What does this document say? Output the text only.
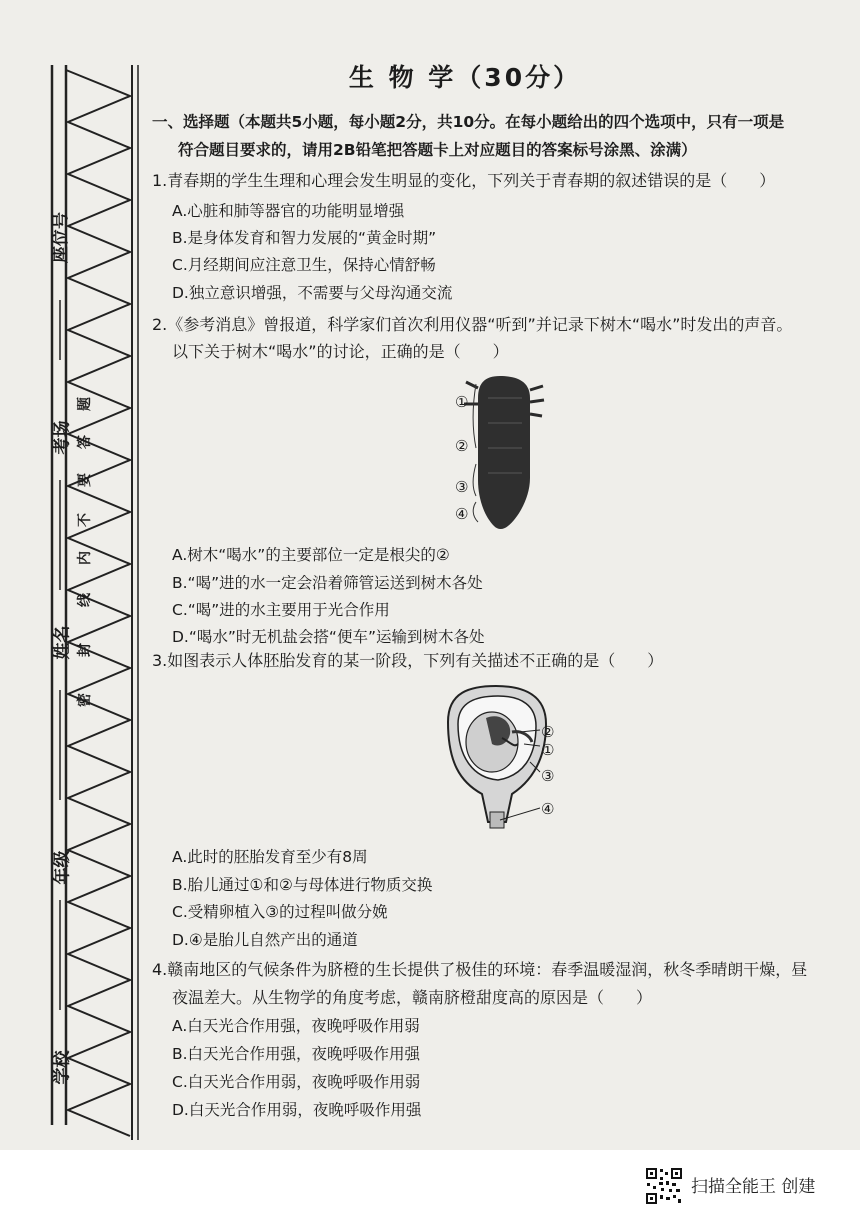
座位号
考场
姓名
年级
学校
密
封
线
内
不
要
答
题
生 物 学（30分）
一、选择题（本题共5小题，每小题2分，共10分。在每小题给出的四个选项中，只有一项是
符合题目要求的，请用2B铅笔把答题卡上对应题目的答案标号涂黑、涂满）
1.青春期的学生生理和心理会发生明显的变化，下列关于青春期的叙述错误的是（　　）
A.心脏和肺等器官的功能明显增强
B.是身体发育和智力发展的“黄金时期”
C.月经期间应注意卫生，保持心情舒畅
D.独立意识增强，不需要与父母沟通交流
2.《参考消息》曾报道，科学家们首次利用仪器“听到”并记录下树木“喝水”时发出的声音。
以下关于树木“喝水”的讨论，正确的是（　　）
①
②
③
④
A.树木“喝水”的主要部位一定是根尖的②
B.“喝”进的水一定会沿着筛管运送到树木各处
C.“喝”进的水主要用于光合作用
D.“喝水”时无机盐会搭“便车”运输到树木各处
3.如图表示人体胚胎发育的某一阶段，下列有关描述不正确的是（　　）
②
①
③
④
A.此时的胚胎发育至少有8周
B.胎儿通过①和②与母体进行物质交换
C.受精卵植入③的过程叫做分娩
D.④是胎儿自然产出的通道
4.赣南地区的气候条件为脐橙的生长提供了极佳的环境：春季温暖湿润，秋冬季晴朗干燥，昼
夜温差大。从生物学的角度考虑，赣南脐橙甜度高的原因是（　　）
A.白天光合作用强，夜晚呼吸作用弱
B.白天光合作用强，夜晚呼吸作用强
C.白天光合作用弱，夜晚呼吸作用弱
D.白天光合作用弱，夜晚呼吸作用强
扫描全能王 创建
